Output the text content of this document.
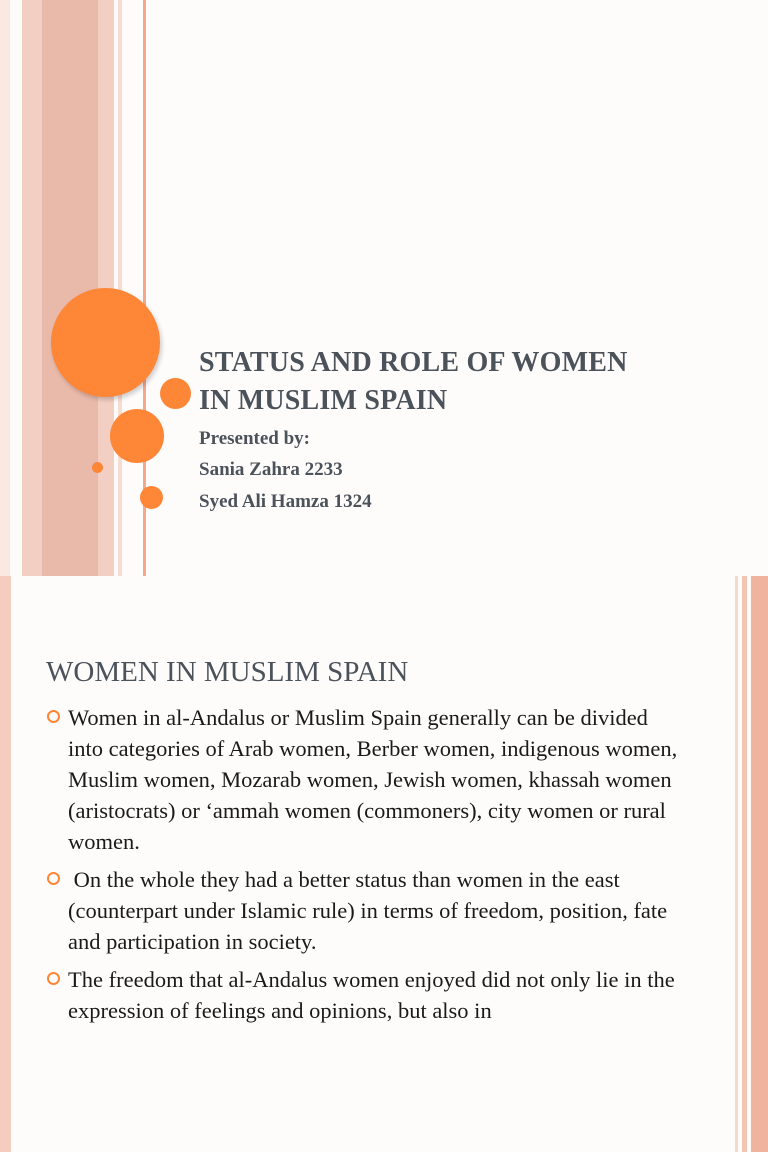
STATUS AND ROLE OF WOMEN
IN MUSLIM SPAIN

Presented by:

Sania Zahra 2233

Syed Ali Hamza 1324

WOMEN IN MUSLIM SPAIN
Women in al-Andalus or Muslim Spain generally can be divided into categories of Arab women, Berber women, indigenous women, Muslim women, Mozarab women, Jewish women, khassah women (aristocrats) or ‘ammah women (commoners), city women or rural women.
On the whole they had a better status than women in the east (counterpart under Islamic rule) in terms of freedom, position, fate and participation in society.
The freedom that al-Andalus women enjoyed did not only lie in the expression of feelings and opinions, but also in
